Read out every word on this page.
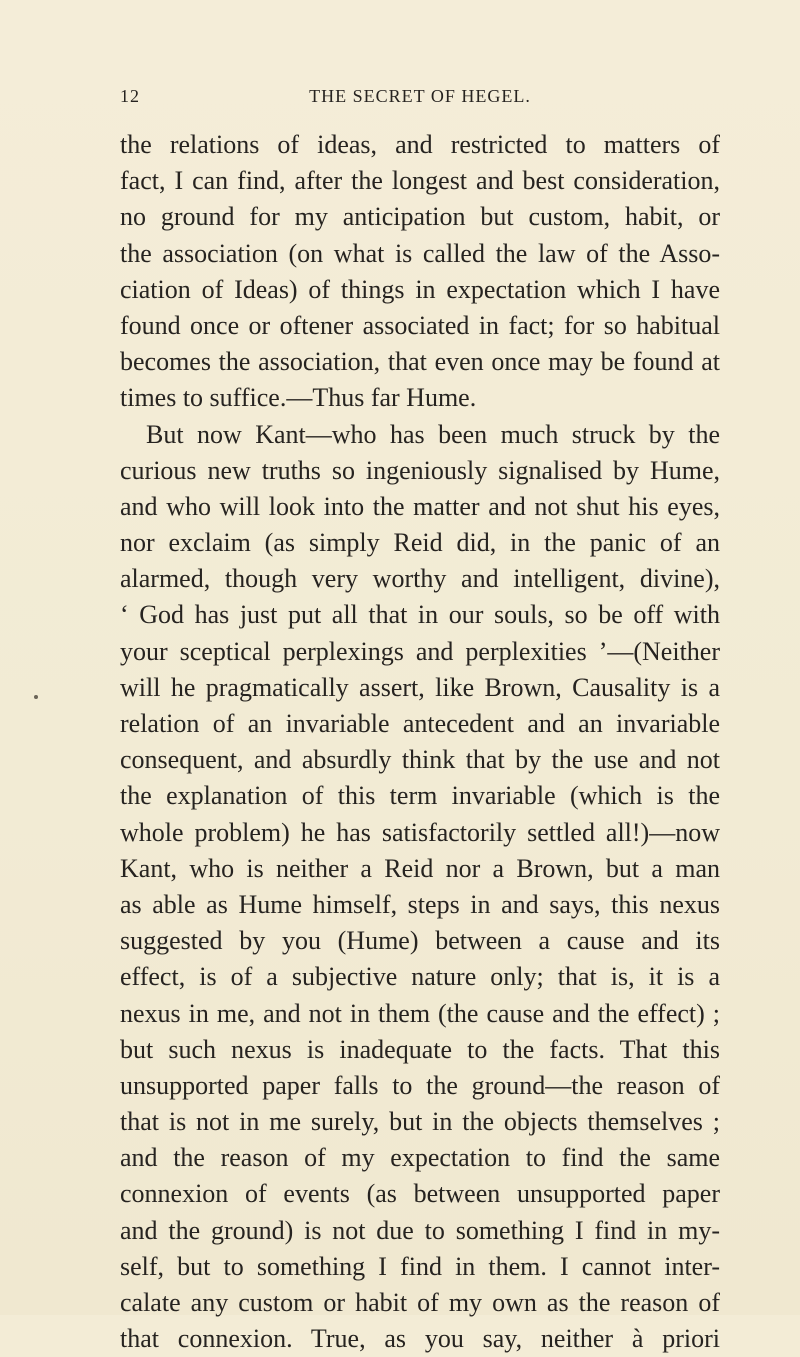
12	THE SECRET OF HEGEL.
the relations of ideas, and restricted to matters of
fact, I can find, after the longest and best consideration,
no ground for my anticipation but custom, habit, or
the association (on what is called the law of the Asso-
ciation of Ideas) of things in expectation which I have
found once or oftener associated in fact; for so habitual
becomes the association, that even once may be found at
times to suffice.—Thus far Hume.
But now Kant—who has been much struck by the
curious new truths so ingeniously signalised by Hume,
and who will look into the matter and not shut his eyes,
nor exclaim (as simply Reid did, in the panic of an
alarmed, though very worthy and intelligent, divine),
‘ God has just put all that in our souls, so be off with
your sceptical perplexings and perplexities ’—(Neither
will he pragmatically assert, like Brown, Causality is a
relation of an invariable antecedent and an invariable
consequent, and absurdly think that by the use and not
the explanation of this term invariable (which is the
whole problem) he has satisfactorily settled all!)—now
Kant, who is neither a Reid nor a Brown, but a man
as able as Hume himself, steps in and says, this nexus
suggested by you (Hume) between a cause and its
effect, is of a subjective nature only; that is, it is a
nexus in me, and not in them (the cause and the effect) ;
but such nexus is inadequate to the facts. That this
unsupported paper falls to the ground—the reason of
that is not in me surely, but in the objects themselves ;
and the reason of my expectation to find the same
connexion of events (as between unsupported paper
and the ground) is not due to something I find in my-
self, but to something I find in them. I cannot inter-
calate any custom or habit of my own as the reason of
that connexion. True, as you say, neither à priori
